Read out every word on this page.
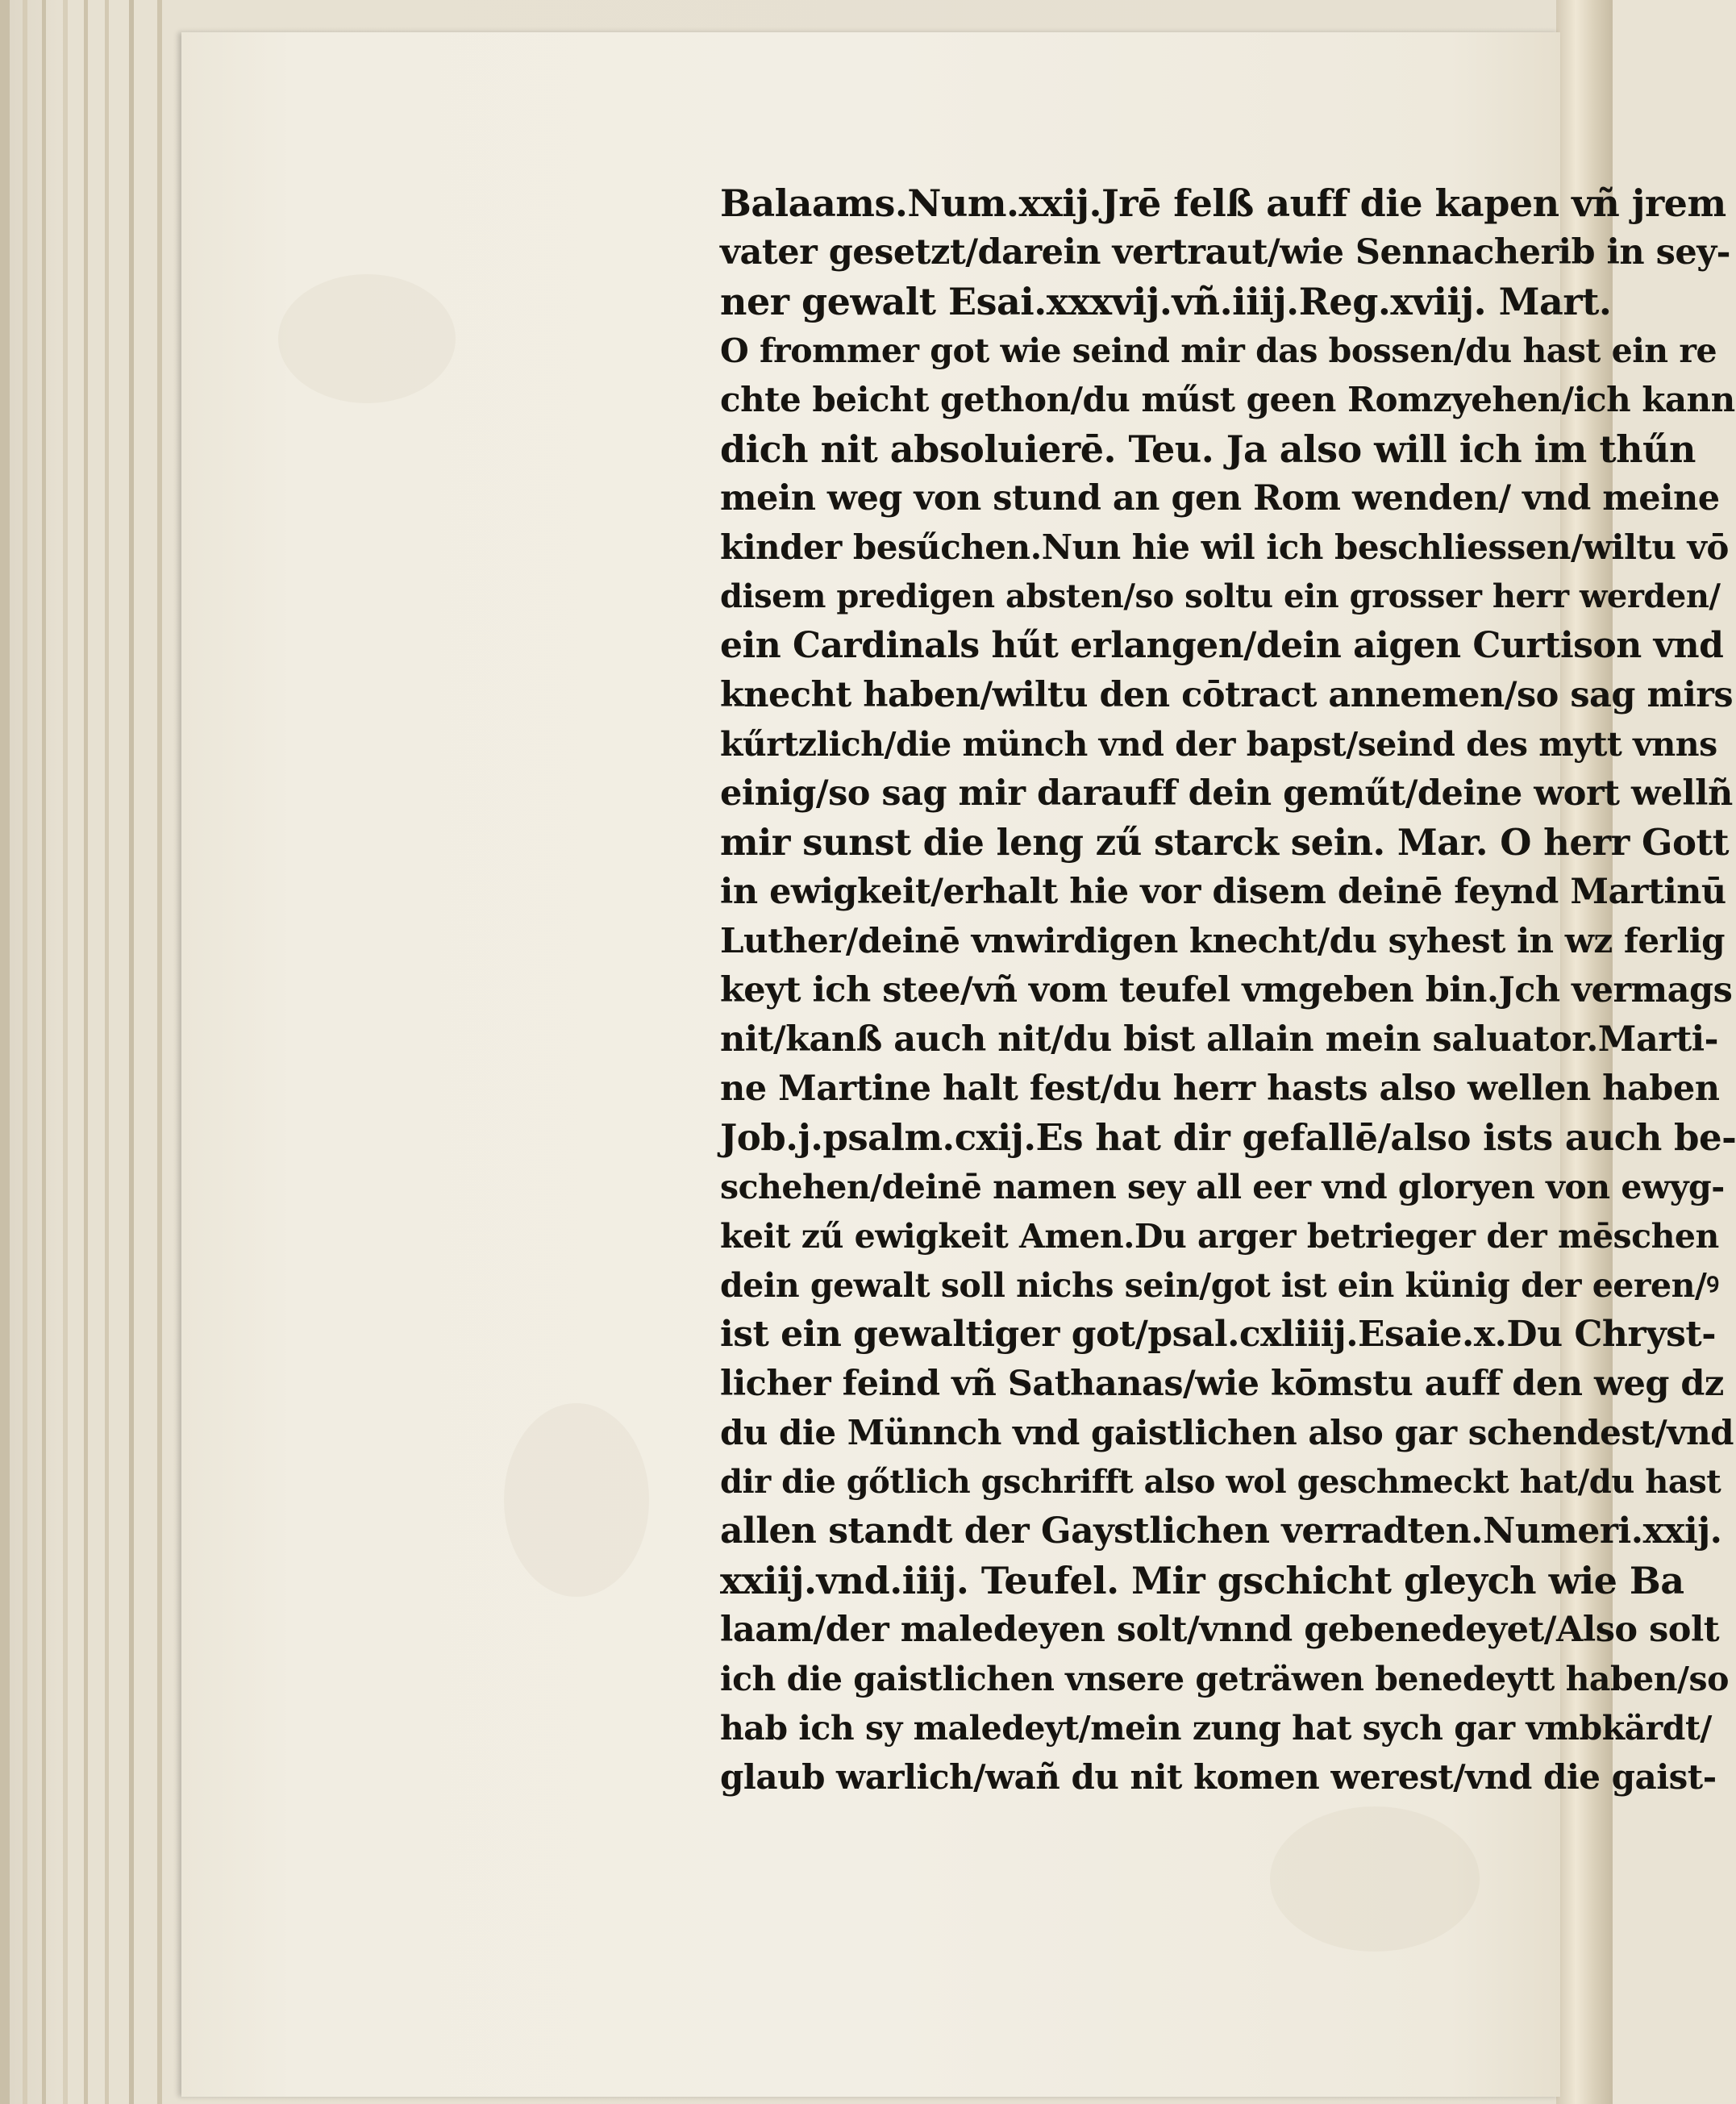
Balaams.Num.xxij.Jrē felß auff die kapen vñ jrem
vater gesetzt/darein vertraut/wie Sennacherib in sey-
ner gewalt Esai.xxxvij.vñ.iiij.Reg.xviij. Mart.
O frommer got wie seind mir das bossen/du hast ein re
chte beicht gethon/du műst geen Romzyehen/ich kann
dich nit absoluierē. Teu. Ja also will ich im thűn
mein weg von stund an gen Rom wenden/ vnd meine
kinder besűchen.Nun hie wil ich beschliessen/wiltu vō
disem predigen absten/so soltu ein grosser herr werden/
ein Cardinals hűt erlangen/dein aigen Curtison vnd
knecht haben/wiltu den cōtract annemen/so sag mirs
kűrtzlich/die münch vnd der bapst/seind des mytt vnns
einig/so sag mir darauff dein geműt/deine wort wellñ
mir sunst die leng zű starck sein. Mar. O herr Gott
in ewigkeit/erhalt hie vor disem deinē feynd Martinū
Luther/deinē vnwirdigen knecht/du syhest in wz ferlig
keyt ich stee/vñ vom teufel vmgeben bin.Jch vermags
nit/kanß auch nit/du bist allain mein saluator.Marti-
ne Martine halt fest/du herr hasts also wellen haben
Job.j.psalm.cxij.Es hat dir gefallē/also ists auch be-
schehen/deinē namen sey all eer vnd gloryen von ewyg-
keit zű ewigkeit Amen.Du arger betrieger der mēschen
dein gewalt soll nichs sein/got ist ein künig der eeren/ꝰ
ist ein gewaltiger got/psal.cxliiij.Esaie.x.Du Chryst-
licher feind vñ Sathanas/wie kōmstu auff den weg dz
du die Münnch vnd gaistlichen also gar schendest/vnd
dir die gőtlich gschrifft also wol geschmeckt hat/du hast
allen standt der Gaystlichen verradten.Numeri.xxij.
xxiij.vnd.iiij. Teufel. Mir gschicht gleych wie Ba
laam/der maledeyen solt/vnnd gebenedeyet/Also solt
ich die gaistlichen vnsere geträwen benedeytt haben/so
hab ich sy maledeyt/mein zung hat sych gar vmbkärdt/
glaub warlich/wañ du nit komen werest/vnd die gaist-
